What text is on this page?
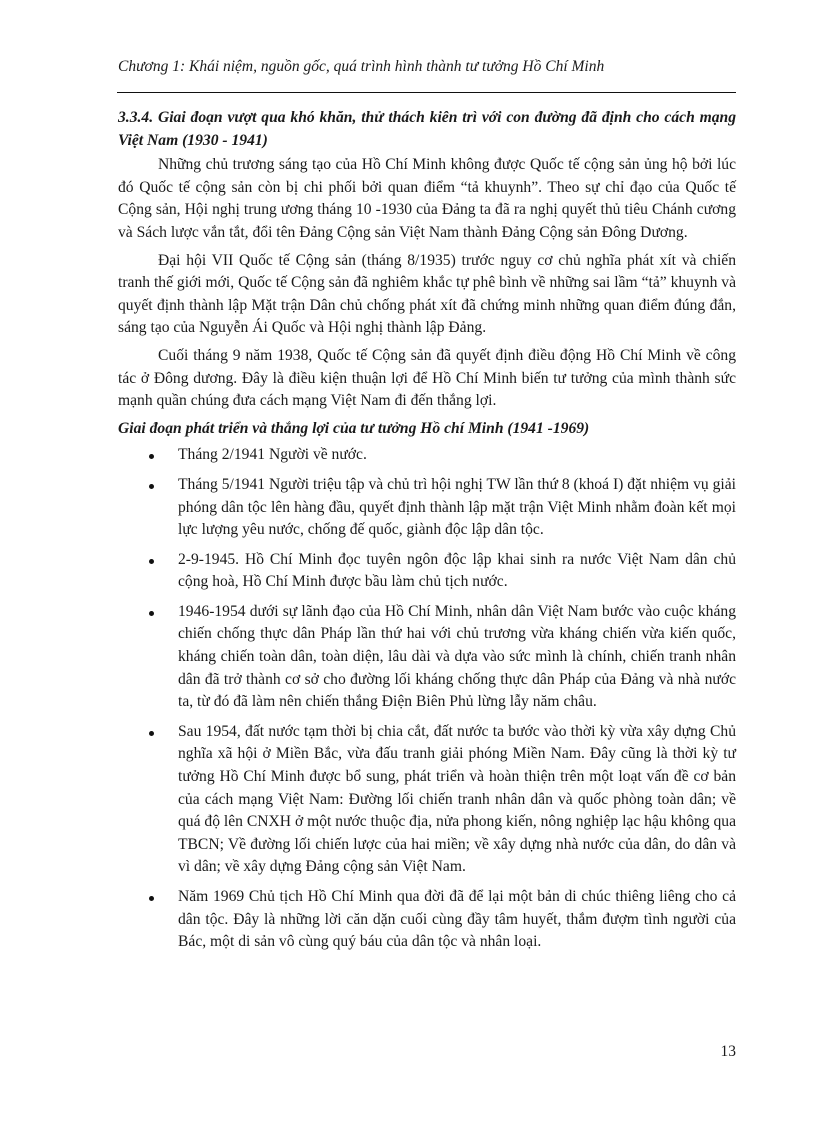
Chương 1: Khái niệm, nguồn gốc, quá trình hình thành tư tưởng Hồ Chí Minh

3.3.4. Giai đoạn vượt qua khó khăn, thử thách kiên trì với con đường đã định cho cách mạng Việt Nam (1930 - 1941)

Những chủ trương sáng tạo của Hồ Chí Minh không được Quốc tế cộng sản ủng hộ bởi lúc đó Quốc tế cộng sản còn bị chi phối bởi quan điểm “tả khuynh”. Theo sự chỉ đạo của Quốc tế Cộng sản, Hội nghị trung ương tháng 10 -1930 của Đảng ta đã ra nghị quyết thủ tiêu Chánh cương và Sách lược vắn tắt, đổi tên Đảng Cộng sản Việt Nam thành Đảng Cộng sản Đông Dương.

Đại hội VII Quốc tế Cộng sản (tháng 8/1935) trước nguy cơ chủ nghĩa phát xít và chiến tranh thế giới mới, Quốc tế Cộng sản đã nghiêm khắc tự phê bình về những sai lầm “tả” khuynh và quyết định thành lập Mặt trận Dân chủ chống phát xít đã chứng minh những quan điểm đúng đắn, sáng tạo của Nguyễn Ái Quốc và Hội nghị thành lập Đảng.

Cuối tháng 9 năm 1938, Quốc tế Cộng sản đã quyết định điều động Hồ Chí Minh về công tác ở Đông dương. Đây là điều kiện thuận lợi để Hồ Chí Minh biến tư tưởng của mình thành sức mạnh quần chúng đưa cách mạng Việt Nam đi đến thắng lợi.

Giai đoạn phát triển và thắng lợi của tư tưởng Hồ chí Minh (1941 -1969)

Tháng 2/1941 Người về nước.
Tháng 5/1941 Người triệu tập và chủ trì hội nghị TW lần thứ 8 (khoá I) đặt nhiệm vụ giải phóng dân tộc lên hàng đầu, quyết định thành lập mặt trận Việt Minh nhằm đoàn kết mọi lực lượng yêu nước, chống đế quốc, giành độc lập dân tộc.
2-9-1945. Hồ Chí Minh đọc tuyên ngôn độc lập khai sinh ra nước Việt Nam dân chủ cộng hoà, Hồ Chí Minh được bầu làm chủ tịch nước.
1946-1954 dưới sự lãnh đạo của Hồ Chí Minh, nhân dân Việt Nam bước vào cuộc kháng chiến chống thực dân Pháp lần thứ hai với chủ trương vừa kháng chiến vừa kiến quốc, kháng chiến toàn dân, toàn diện, lâu dài và dựa vào sức mình là chính, chiến tranh nhân dân đã trở thành cơ sở cho đường lối kháng chống thực dân Pháp của Đảng và nhà nước ta, từ đó đã làm nên chiến thắng Điện Biên Phủ lừng lẫy năm châu.
Sau 1954, đất nước tạm thời bị chia cắt, đất nước ta bước vào thời kỳ vừa xây dựng Chủ nghĩa xã hội ở Miền Bắc, vừa đấu tranh giải phóng Miền Nam. Đây cũng là thời kỳ tư tưởng Hồ Chí Minh được bổ sung, phát triển và hoàn thiện trên một loạt vấn đề cơ bản của cách mạng Việt Nam: Đường lối chiến tranh nhân dân và quốc phòng toàn dân; về quá độ lên CNXH ở một nước thuộc địa, nửa phong kiến, nông nghiệp lạc hậu không qua TBCN; Về đường lối chiến lược của hai miền; về xây dựng nhà nước của dân, do dân và vì dân; về xây dựng Đảng cộng sản Việt Nam.
Năm 1969 Chủ tịch Hồ Chí Minh qua đời đã để lại một bản di chúc thiêng liêng cho cả dân tộc. Đây là những lời căn dặn cuối cùng đầy tâm huyết, thắm đượm tình người của Bác, một di sản vô cùng quý báu của dân tộc và nhân loại.
13
